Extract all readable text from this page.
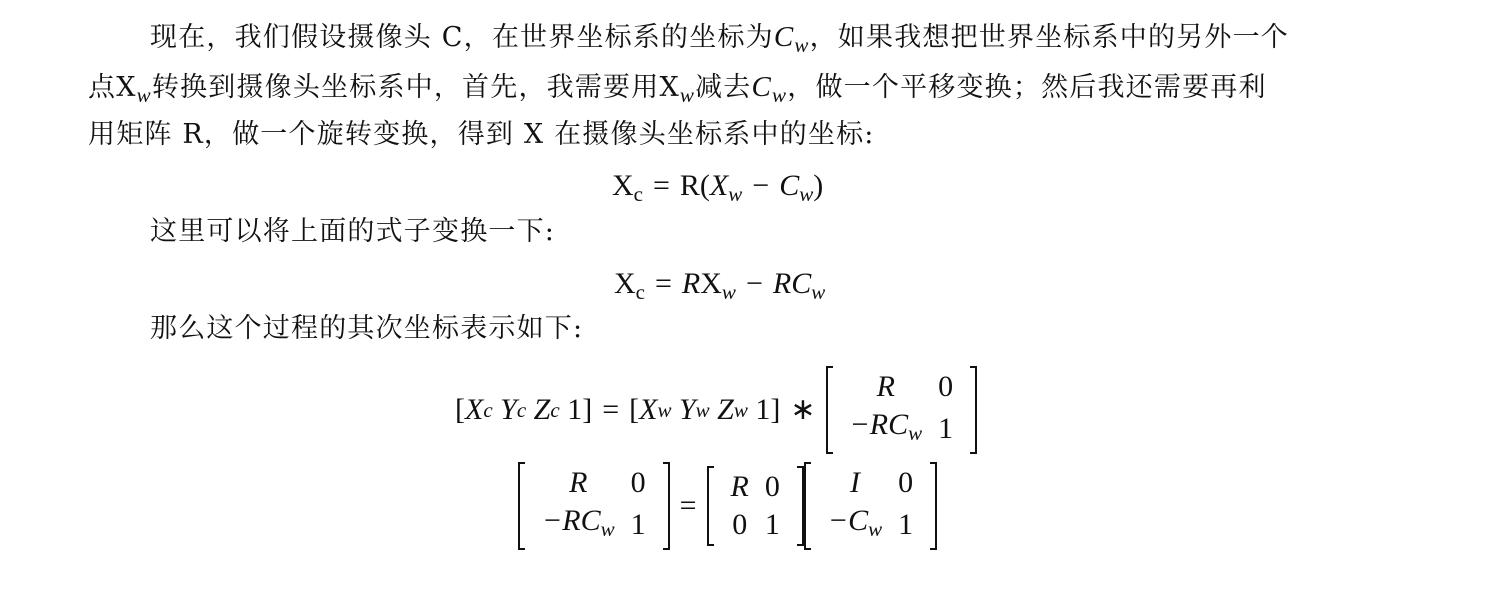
现在，我们假设摄像头 C，在世界坐标系的坐标为$C_w$，如果我想把世界坐标系中的另外一个
点$X_w$转换到摄像头坐标系中，首先，我需要用$X_w$减去$C_w$，做一个平移变换；然后我还需要再利
用矩阵 R，做一个旋转变换，得到 X 在摄像头坐标系中的坐标:
$X_c = R(X_w - C_w)$
这里可以将上面的式子变换一下:
$X_c = RX_w - RC_w$
那么这个过程的其次坐标表示如下:
[ X c
Y c
Z c
1 ] = [ X w
Y w
Z w
1 ] ∗
R	0
$-RC_w$	1
R	0
$-RC_w$	1
=
R	0
0	1
I	0
$-C_w$	1
